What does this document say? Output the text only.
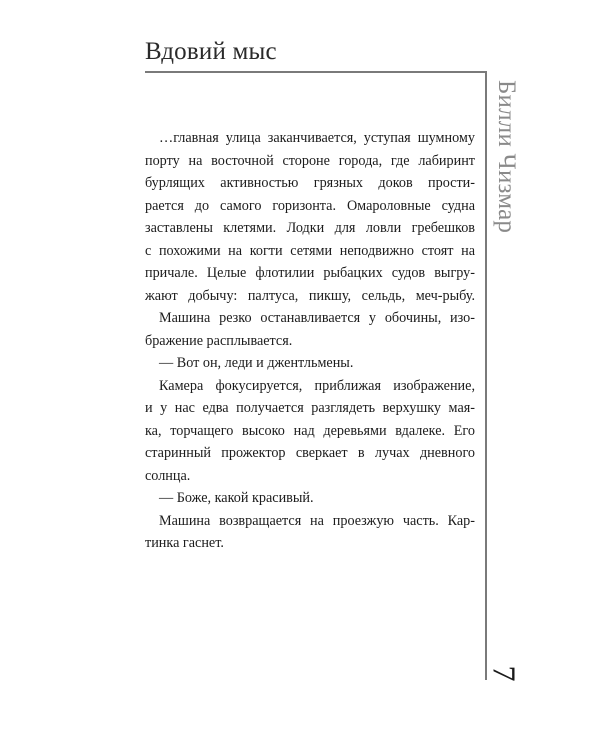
Вдовий мыс
Билли Чизмар
7
…главная улица заканчивается, уступая шумному
порту на восточной стороне города, где лабиринт
бурлящих активностью грязных доков прости-
рается до самого горизонта. Омароловные судна
заставлены клетями. Лодки для ловли гребешков
с похожими на когти сетями неподвижно стоят на
причале. Целые флотилии рыбацких судов выгру-
жают добычу: палтуса, пикшу, сельдь, меч-рыбу.
Машина резко останавливается у обочины, изо-
бражение расплывается.
— Вот он, леди и джентльмены.
Камера фокусируется, приближая изображение,
и у нас едва получается разглядеть верхушку мая-
ка, торчащего высоко над деревьями вдалеке. Его
старинный прожектор сверкает в лучах дневного
солнца.
— Боже, какой красивый.
Машина возвращается на проезжую часть. Кар-
тинка гаснет.
